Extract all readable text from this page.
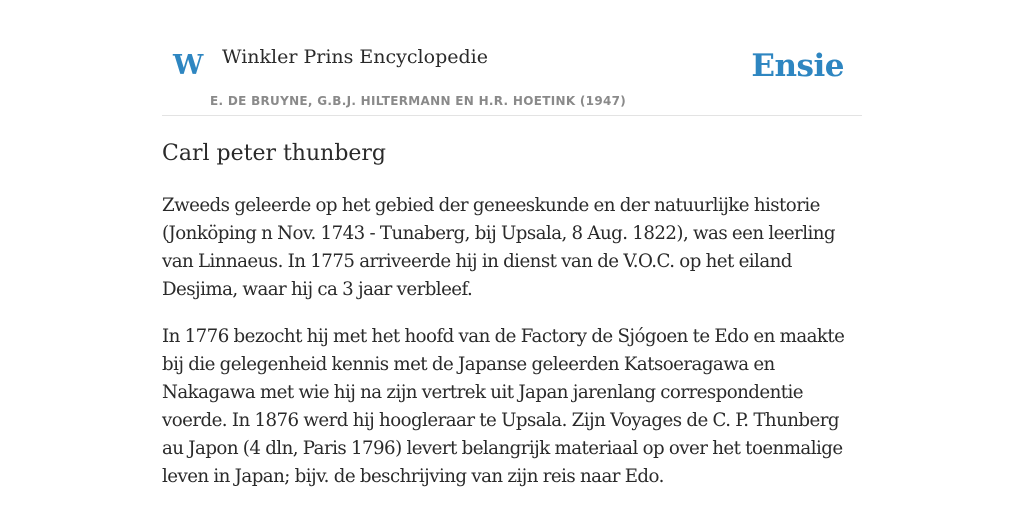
W Winkler Prins Encyclopedie
E. DE BRUYNE, G.B.J. HILTERMANN EN H.R. HOETINK (1947)
Ensie
Carl peter thunberg

Zweeds geleerde op het gebied der geneeskunde en der natuurlijke historie (Jonköping n Nov. 1743 - Tunaberg, bij Upsala, 8 Aug. 1822), was een leerling van Linnaeus. In 1775 arriveerde hij in dienst van de V.O.C. op het eiland Desjima, waar hij ca 3 jaar verbleef.

In 1776 bezocht hij met het hoofd van de Factory de Sjógoen te Edo en maakte bij die gelegenheid kennis met de Japanse geleerden Katsoeragawa en Nakagawa met wie hij na zijn vertrek uit Japan jarenlang correspondentie voerde. In 1876 werd hij hoogleraar te Upsala. Zijn Voyages de C. P. Thunberg au Japon (4 dln, Paris 1796) levert belangrijk materiaal op over het toenmalige leven in Japan; bijv. de beschrijving van zijn reis naar Edo.
